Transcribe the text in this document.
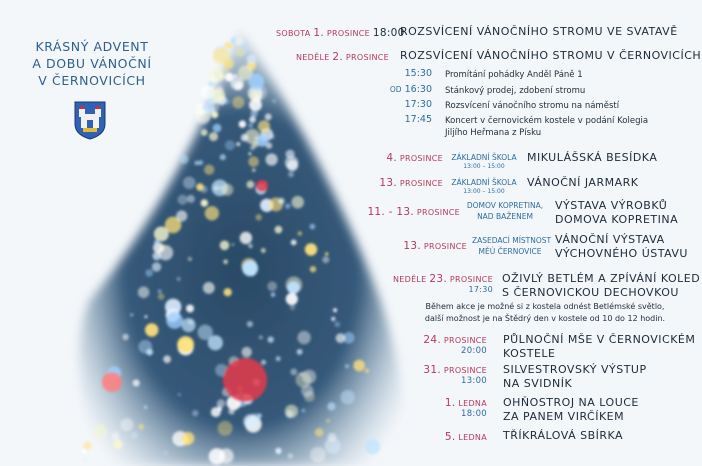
KRÁSNÝ ADVENT
A DOBU VÁNOČNÍ
V ČERNOVICÍCH
SOBOTA 1. PROSINCE 18:00
ROZSVÍCENÍ VÁNOČNÍHO STROMU VE SVATAVĚ
NEDĚLE 2. PROSINCE ROZSVÍCENÍ VÁNOČNÍHO STROMU V ČERNOVICÍCH
15:30 Promítání pohádky Anděl Páně 1
OD 16:30 Stánkový prodej, zdobení stromu
17:30 Rozsvícení vánočního stromu na náměstí
17:45 Koncert v černovickém kostele v podání Kolegia
Jiljího Heřmana z Písku
4. PROSINCE	ZÁKLADNÍ ŠKOLA
13:00 – 15:00
MIKULÁŠSKÁ BESÍDKA
13. PROSINCE	ZÁKLADNÍ ŠKOLA
13:00 – 15:00
VÁNOČNÍ JARMARK
11. - 13. PROSINCE
DOMOV KOPRETINA,
NAD BAŽENEM
VÝSTAVA VÝROBKŮ
DOMOVA KOPRETINA
13. PROSINCE
ZASEDACÍ MÍSTNOST
MĚÚ ČERNOVICE
VÁNOČNÍ VÝSTAVA
VÝCHOVNÉHO ÚSTAVU
NEDĚLE 23. PROSINCE
17:30
OŽIVLÝ BETLÉM A ZPÍVÁNÍ KOLED
S ČERNOVICKOU DECHOVKOU
Během akce je možné si z kostela odnést Betlémské světlo,
další možnost je na Štědrý den v kostele od 10 do 12 hodin.
24. PROSINCE
20:00
PŮLNOČNÍ MŠE V ČERNOVICKÉM
KOSTELE
31. PROSINCE
13:00
SILVESTROVSKÝ VÝSTUP
NA SVIDNÍK
1. LEDNA
18:00
OHŇOSTROJ NA LOUCE
ZA PANEM VIRČÍKEM
5. LEDNA TŘÍKRÁLOVÁ SBÍRKA
